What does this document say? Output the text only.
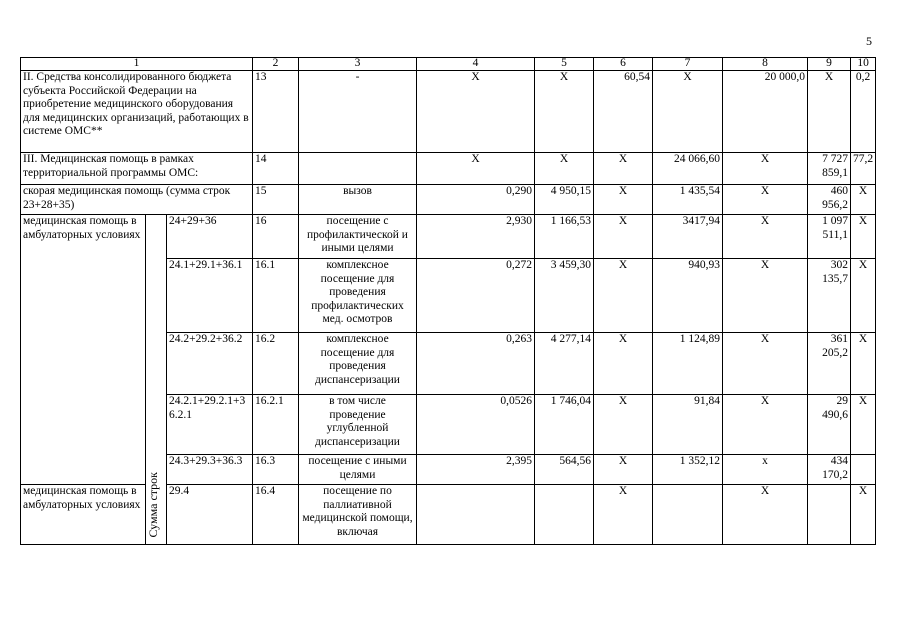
5
1			2	3	4	5	6	7	8	9	10
II. Средства консолидированного бюджета субъекта Российской Федерации на приобретение медицинского оборудования для медицинских организаций, работающих в системе ОМС**			13	-	X	X	60,54	X	20 000,0	X	0,2
III. Медицинская помощь в рамках территориальной программы ОМС:			14		X	X	X	24 066,60	X	7 727 859,1	77,2
скорая медицинская помощь (сумма строк 23+28+35)			15	вызов	0,290	4 950,15	X	1 435,54	X	460 956,2	X
медицинская помощь в амбулаторных условиях	Сумма строк	24+29+36	16	посещение с профилактической и иными целями	2,930	1 166,53	X	3417,94	X	1 097 511,1	X
		24.1+29.1+36.1	16.1	комплексное посещение для проведения профилактических мед. осмотров	0,272	3 459,30	X	940,93	X	302 135,7	X
		24.2+29.2+36.2	16.2	комплексное посещение для проведения диспансеризации	0,263	4 277,14	X	1 124,89	X	361 205,2	X
		24.2.1+29.2.1+36.2.1	16.2.1	в том числе проведение углубленной диспансеризации	0,0526	1 746,04	X	91,84	X	29 490,6	X
		24.3+29.3+36.3	16.3	посещение с иными целями	2,395	564,56	X	1 352,12	x	434 170,2	
медицинская помощь в амбулаторных условиях		29.4	16.4	посещение по паллиативной медицинской помощи, включая			X		X		X
